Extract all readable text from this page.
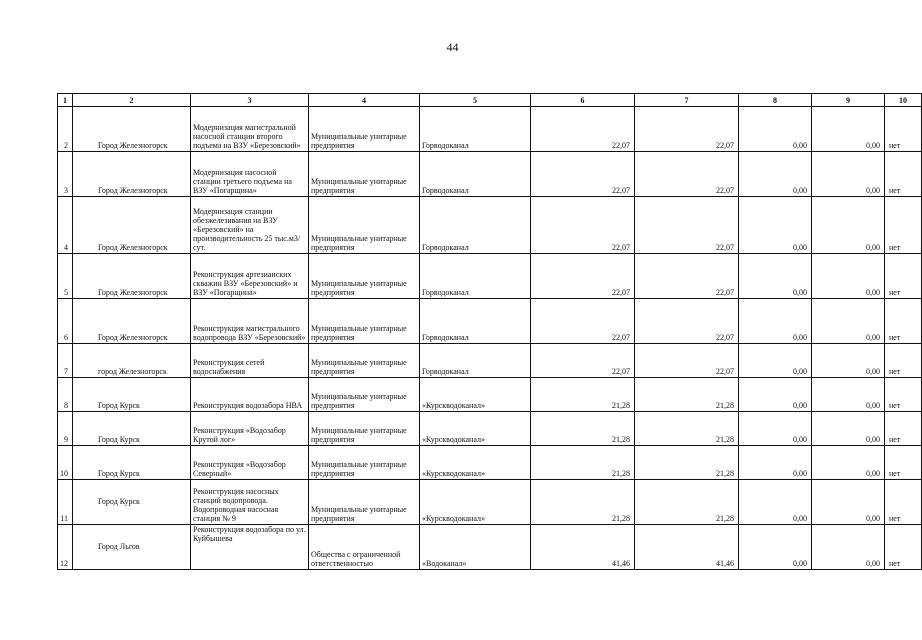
44
1	2	3	4	5	6	7	8	9	10
2	Город Железногорск	Модернизация магистральной насосной станции второго подъема на ВЗУ «Березовский»	Муниципальные унитарные предприятия	Горводоканал	22,07	22,07	0,00	0,00	нет
3	Город Железногорск	Модернизация насосной станции третьего подъема на ВЗУ «Погарщина»	Муниципальные унитарные предприятия	Горводоканал	22,07	22,07	0,00	0,00	нет
4	Город Железногорск	Модернизация станции обезжелезивания на ВЗУ «Березовский» на производительность 25 тыс.м3/сут.	Муниципальные унитарные предприятия	Горводоканал	22,07	22,07	0,00	0,00	нет
5	Город Железногорск	Реконструкция артезианских скважин ВЗУ «Березовский» и ВЗУ «Погарщина»	Муниципальные унитарные предприятия	Горводоканал	22,07	22,07	0,00	0,00	нет
6	Город Железногорск	Реконструкция магистрального водопровода ВЗУ «Березовский»	Муниципальные унитарные предприятия	Горводоканал	22,07	22,07	0,00	0,00	нет
7	город Железногорск	Реконструкция сетей водоснабжения	Муниципальные унитарные предприятия	Горводоканал	22,07	22,07	0,00	0,00	нет
8	Город Курск	Реконструкция водозабора НВА	Муниципальные унитарные предприятия	«Курскводоканал»	21,28	21,28	0,00	0,00	нет
9	Город Курск	Реконструкция «Водозабор Крутой лог»	Муниципальные унитарные предприятия	«Курскводоканал»	21,28	21,28	0,00	0,00	нет
10	Город Курск	Реконструкция «Водозабор Северный»	Муниципальные унитарные предприятия	«Курскводоканал»	21,28	21,28	0,00	0,00	нет
11	Город Курск	Реконструкция насосных станций водопровода. Водопроводная насосная станция № 9	Муниципальные унитарные предприятия	«Курскводоканал»	21,28	21,28	0,00	0,00	нет
12	Город Льгов	Реконструкция водозабора по ул. Куйбышева	Общества с ограниченной ответственностью	«Водоканал»	41,46	41,46	0,00	0,00	нет
